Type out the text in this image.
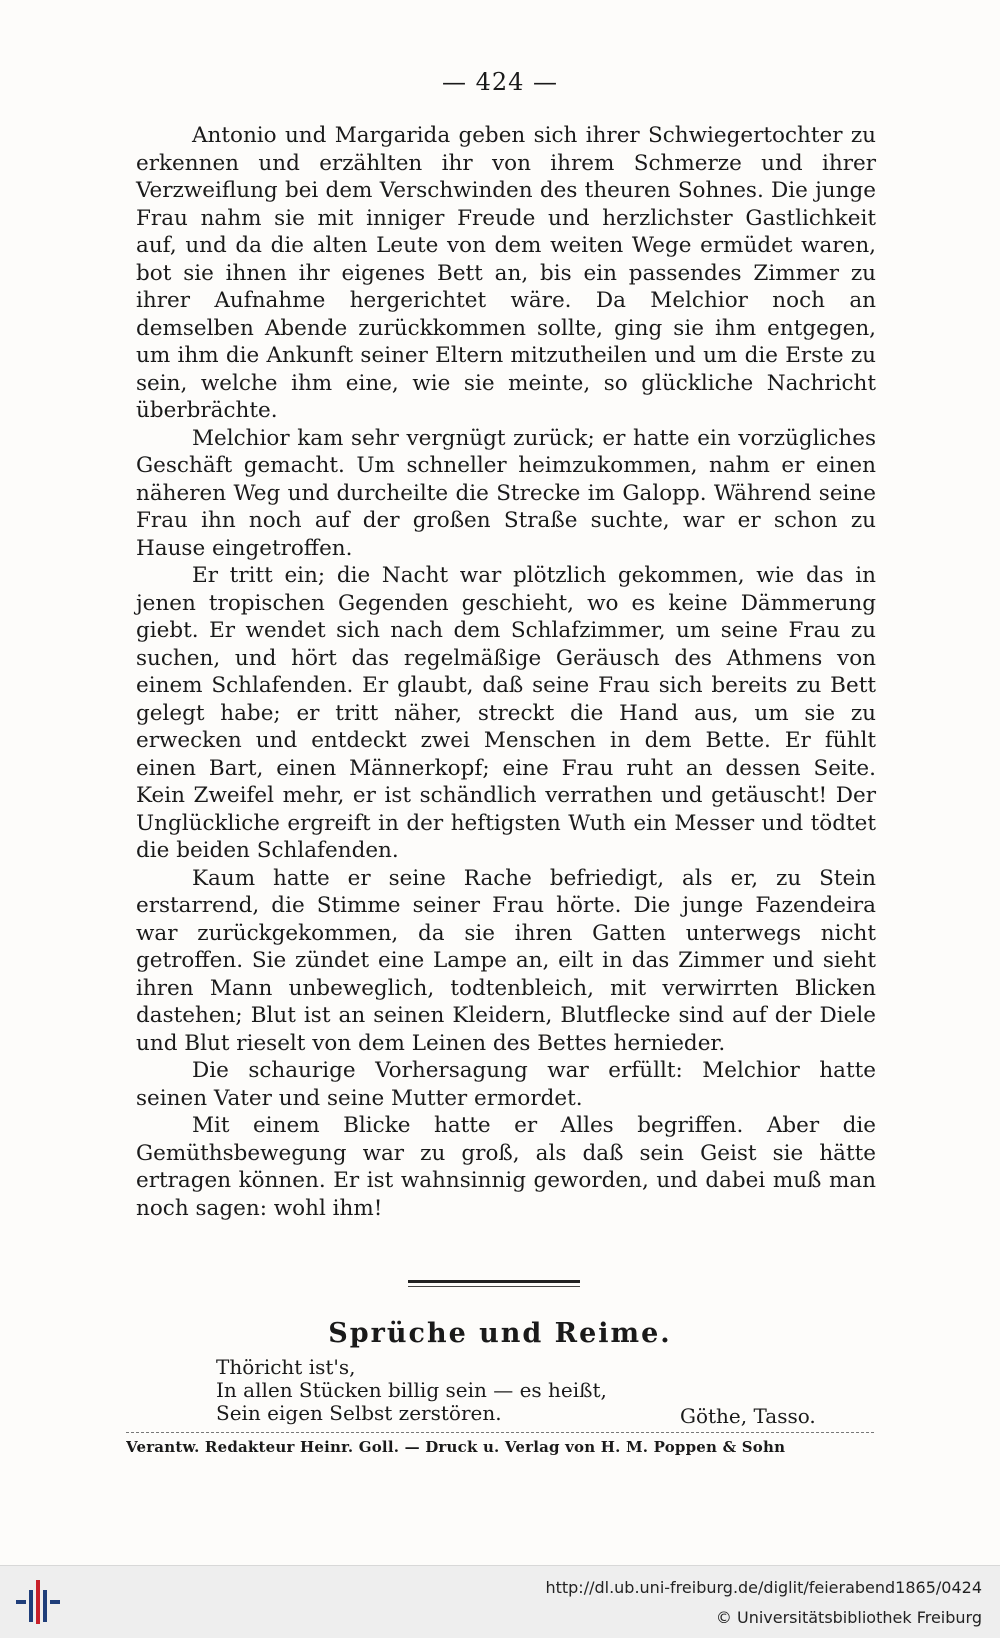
— 424 —

Antonio und Margarida geben sich ihrer Schwiegertochter zu erkennen und erzählten ihr von ihrem Schmerze und ihrer Verzweiflung bei dem Verschwinden des theuren Sohnes. Die junge Frau nahm sie mit inniger Freude und herzlichster Gastlichkeit auf, und da die alten Leute von dem weiten Wege ermüdet waren, bot sie ihnen ihr eigenes Bett an, bis ein passendes Zimmer zu ihrer Aufnahme hergerichtet wäre. Da Melchior noch an demselben Abende zurückkommen sollte, ging sie ihm entgegen, um ihm die Ankunft seiner Eltern mitzutheilen und um die Erste zu sein, welche ihm eine, wie sie meinte, so glückliche Nachricht überbrächte.

Melchior kam sehr vergnügt zurück; er hatte ein vorzügliches Geschäft gemacht. Um schneller heimzukommen, nahm er einen näheren Weg und durcheilte die Strecke im Galopp. Während seine Frau ihn noch auf der großen Straße suchte, war er schon zu Hause eingetroffen.

Er tritt ein; die Nacht war plötzlich gekommen, wie das in jenen tropischen Gegenden geschieht, wo es keine Dämmerung giebt. Er wendet sich nach dem Schlafzimmer, um seine Frau zu suchen, und hört das regelmäßige Geräusch des Athmens von einem Schlafenden. Er glaubt, daß seine Frau sich bereits zu Bett gelegt habe; er tritt näher, streckt die Hand aus, um sie zu erwecken und entdeckt zwei Menschen in dem Bette. Er fühlt einen Bart, einen Männerkopf; eine Frau ruht an dessen Seite. Kein Zweifel mehr, er ist schändlich verrathen und getäuscht! Der Unglückliche ergreift in der heftigsten Wuth ein Messer und tödtet die beiden Schlafenden.

Kaum hatte er seine Rache befriedigt, als er, zu Stein erstarrend, die Stimme seiner Frau hörte. Die junge Fazendeira war zurückgekommen, da sie ihren Gatten unterwegs nicht getroffen. Sie zündet eine Lampe an, eilt in das Zimmer und sieht ihren Mann unbeweglich, todtenbleich, mit verwirrten Blicken dastehen; Blut ist an seinen Kleidern, Blutflecke sind auf der Diele und Blut rieselt von dem Leinen des Bettes hernieder.

Die schaurige Vorhersagung war erfüllt: Melchior hatte seinen Vater und seine Mutter ermordet.

Mit einem Blicke hatte er Alles begriffen. Aber die Gemüthsbewegung war zu groß, als daß sein Geist sie hätte ertragen können. Er ist wahnsinnig geworden, und dabei muß man noch sagen: wohl ihm!

Sprüche und Reime.
Thöricht ist's,
In allen Stücken billig sein — es heißt,
Sein eigen Selbst zerstören.	Göthe, Tasso.
Verantw. Redakteur Heinr. Goll. — Druck u. Verlag von H. M. Poppen & Sohn
http://dl.ub.uni-freiburg.de/diglit/feierabend1865/0424
© Universitätsbibliothek Freiburg
